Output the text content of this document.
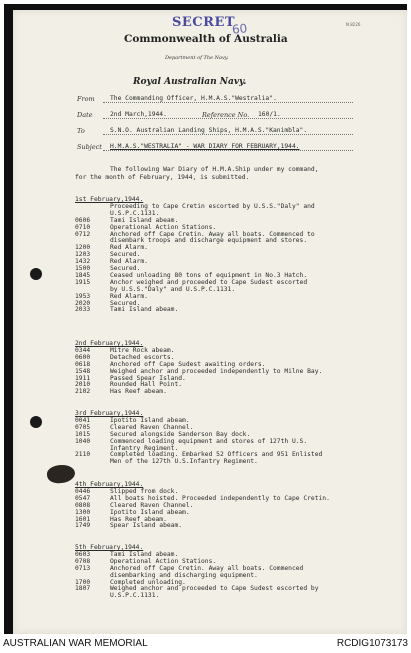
SECRET
60	N.8226
Commonwealth of Australia
Department of The Navy.
Royal Australian Navy.
From The Commanding Officer, H.M.A.S."Westralia".
Date	2nd March,1944.	Reference No. 160/1.
To	S.N.O. Australian Landing Ships, H.M.A.S."Kanimbla".
Subject H.M.A.S."WESTRALIA" - WAR DIARY FOR FEBRUARY,1944.
The following War Diary of H.M.A.Ship under my command,
for the month of February, 1944, is submitted.
1st February,1944.
Proceeding to Cape Cretin escorted by U.S.S."Daly" and
U.S.P.C.1131.
0606	Tami Island abeam.
0710	Operational Action Stations.
0712	Anchored off Cape Cretin. Away all boats. Commenced to
disembark troops and discharge equipment and stores.
1200	Red Alarm.
1203	Secured.
1432	Red Alarm.
1500	Secured.
1845	Ceased unloading 80 tons of equipment in No.3 Hatch.
1915	Anchor weighed and proceeded to Cape Sudest escorted
by U.S.S."Daly" and U.S.P.C.1131.
1953	Red Alarm.
2020	Secured.
2033	Tami Island abeam.
2nd February,1944.
0344	Mitre Rock abeam.
0600	Detached escorts.
0618	Anchored off Cape Sudest awaiting orders.
1548	Weighed anchor and proceeded independently to Milne Bay.
1911	Passed Spear Island.
2010	Rounded Hall Point.
2102	Has Reef abeam.
3rd February,1944.
0041	Ipotito Island abeam.
0705	Cleared Raven Channel.
1015	Secured alongside Sanderson Bay dock.
1040	Commenced loading equipment and stores of 127th U.S.
Infantry Regiment.
2110	Completed loading. Embarked 52 Officers and 951 Enlisted
Men of the 127th U.S.Infantry Regiment.
4th February,1944.
0446	Slipped from dock.
0547	All boats hoisted. Proceeded independently to Cape Cretin.
0808	Cleared Raven Channel.
1300	Ipotito Island abeam.
1601	Has Reef abeam.
1749	Spear Island abeam.
5th February,1944.
0603	Tami Island abeam.
0708	Operational Action Stations.
0713	Anchored off Cape Cretin. Away all boats. Commenced
disembarking and discharging equipment.
1700	Completed unloading.
1807	Weighed anchor and proceeded to Cape Sudest escorted by
U.S.P.C.1131.
AUSTRALIAN WAR MEMORIAL	RCDIG1073173
